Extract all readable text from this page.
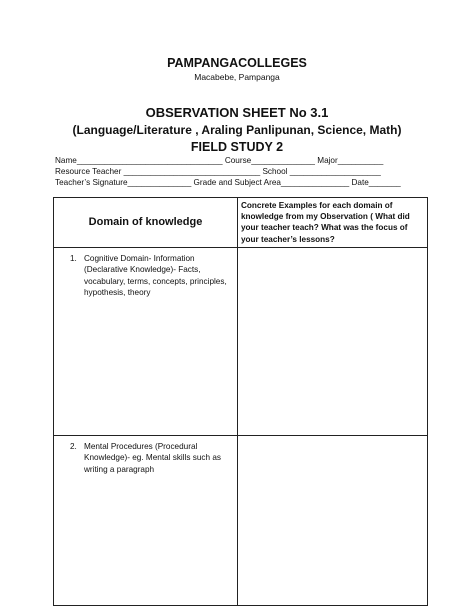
PAMPANGACOLLEGES
Macabebe, Pampanga
OBSERVATION SHEET No 3.1
(Language/Literature , Araling Panlipunan, Science, Math)
FIELD STUDY 2
Name________________________________ Course______________ Major__________
Resource Teacher ______________________________ School ____________________
Teacher’s Signature______________ Grade and Subject Area_______________ Date_______
Domain of knowledge	Concrete Examples for each domain of knowledge from my Observation ( What did your teacher teach? What was the focus of your teacher’s lessons?

1. Cognitive Domain- Information (Declarative Knowledge)- Facts, vocabulary, terms, concepts, principles, hypothesis, theory	

2. Mental Procedures (Procedural Knowledge)- eg. Mental skills such as writing a paragraph	
